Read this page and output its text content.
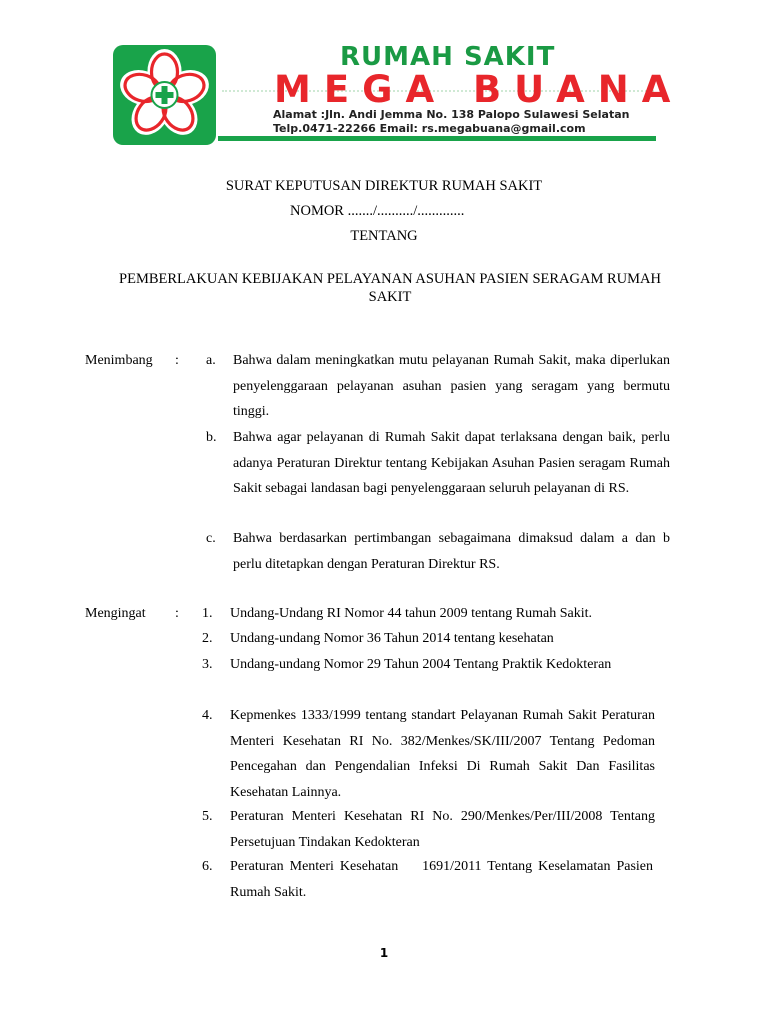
RUMAH SAKIT
MEGA BUANA
Alamat :Jln. Andi Jemma No. 138 Palopo Sulawesi Selatan
Telp.0471-22266 Email: rs.megabuana@gmail.com
SURAT KEPUTUSAN DIREKTUR RUMAH SAKIT
NOMOR ......./........../.............
TENTANG
PEMBERLAKUAN KEBIJAKAN PELAYANAN ASUHAN PASIEN SERAGAM RUMAH SAKIT
Menimbang : a. Bahwa dalam meningkatkan mutu pelayanan Rumah Sakit, maka diperlukan penyelenggaraan pelayanan asuhan pasien yang seragam yang bermutu tinggi.
b. Bahwa agar pelayanan di Rumah Sakit dapat terlaksana dengan baik, perlu adanya Peraturan Direktur tentang Kebijakan Asuhan Pasien seragam Rumah Sakit sebagai landasan bagi penyelenggaraan seluruh pelayanan di RS.
c. Bahwa berdasarkan pertimbangan sebagaimana dimaksud dalam a dan b perlu ditetapkan dengan Peraturan Direktur RS.
Mengingat : 1. Undang-Undang RI Nomor 44 tahun 2009 tentang Rumah Sakit.
2. Undang-undang Nomor 36 Tahun 2014 tentang kesehatan
3. Undang-undang Nomor 29 Tahun 2004 Tentang Praktik Kedokteran
4. Kepmenkes 1333/1999 tentang standart Pelayanan Rumah Sakit Peraturan Menteri Kesehatan RI No. 382/Menkes/SK/III/2007 Tentang Pedoman Pencegahan dan Pengendalian Infeksi Di Rumah Sakit Dan Fasilitas Kesehatan Lainnya.
5. Peraturan Menteri Kesehatan RI No. 290/Menkes/Per/III/2008 Tentang Persetujuan Tindakan Kedokteran
6. Peraturan Menteri Kesehatan    1691/2011 Tentang Keselamatan Pasien Rumah Sakit.
1
